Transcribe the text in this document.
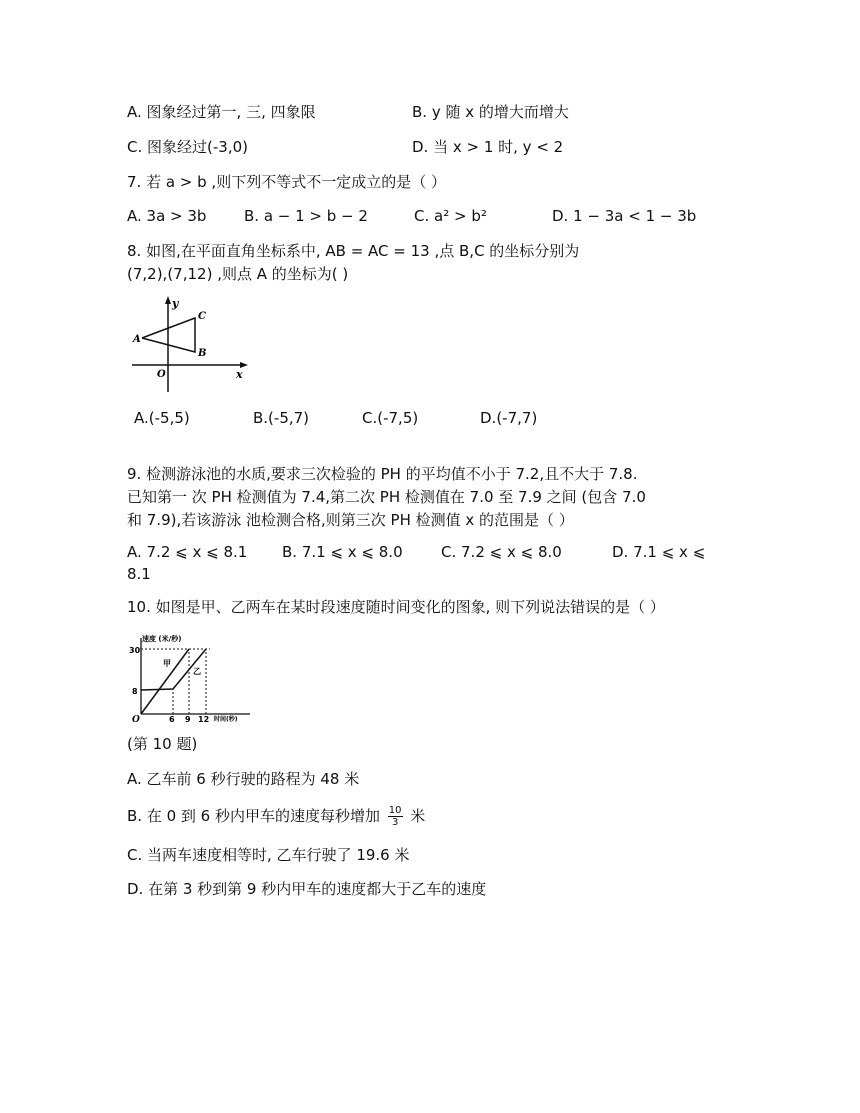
A. 图象经过第一, 三, 四象限	B. y 随 x 的增大而增大
C. 图象经过(-3,0)	D. 当 x > 1 时, y < 2
7. 若 a > b ,则下列不等式不一定成立的是（ ）
A. 3a > 3b	B. a − 1 > b − 2	C. a² > b²	D. 1 − 3a < 1 − 3b
8. 如图,在平面直角坐标系中, AB = AC = 13 ,点 B,C 的坐标分别为
(7,2),(7,12) ,则点 A 的坐标为( )
y
x
O
A
B
C
A.(-5,5)	B.(-5,7)	C.(-7,5)	D.(-7,7)
9. 检测游泳池的水质,要求三次检验的 PH 的平均值不小于 7.2,且不大于 7.8.
已知第一 次 PH 检测值为 7.4,第二次 PH 检测值在 7.0 至 7.9 之间 (包含 7.0
和 7.9),若该游泳 池检测合格,则第三次 PH 检测值 x 的范围是（ ）
A. 7.2 ⩽ x ⩽ 8.1 B. 7.1 ⩽ x ⩽ 8.0	C. 7.2 ⩽ x ⩽ 8.0	D. 7.1 ⩽ x ⩽
8.1
10. 如图是甲、乙两车在某时段速度随时间变化的图象, 则下列说法错误的是（ ）
速度 (米/秒)
时间(秒)
30
8
6 9 12
O
甲
乙
(第 10 题)
A. 乙车前 6 秒行驶的路程为 48 米
B. 在 0 到 6 秒内甲车的速度每秒增加 $\frac{10}{3}$ 米
C. 当两车速度相等时, 乙车行驶了 19.6 米
D. 在第 3 秒到第 9 秒内甲车的速度都大于乙车的速度
